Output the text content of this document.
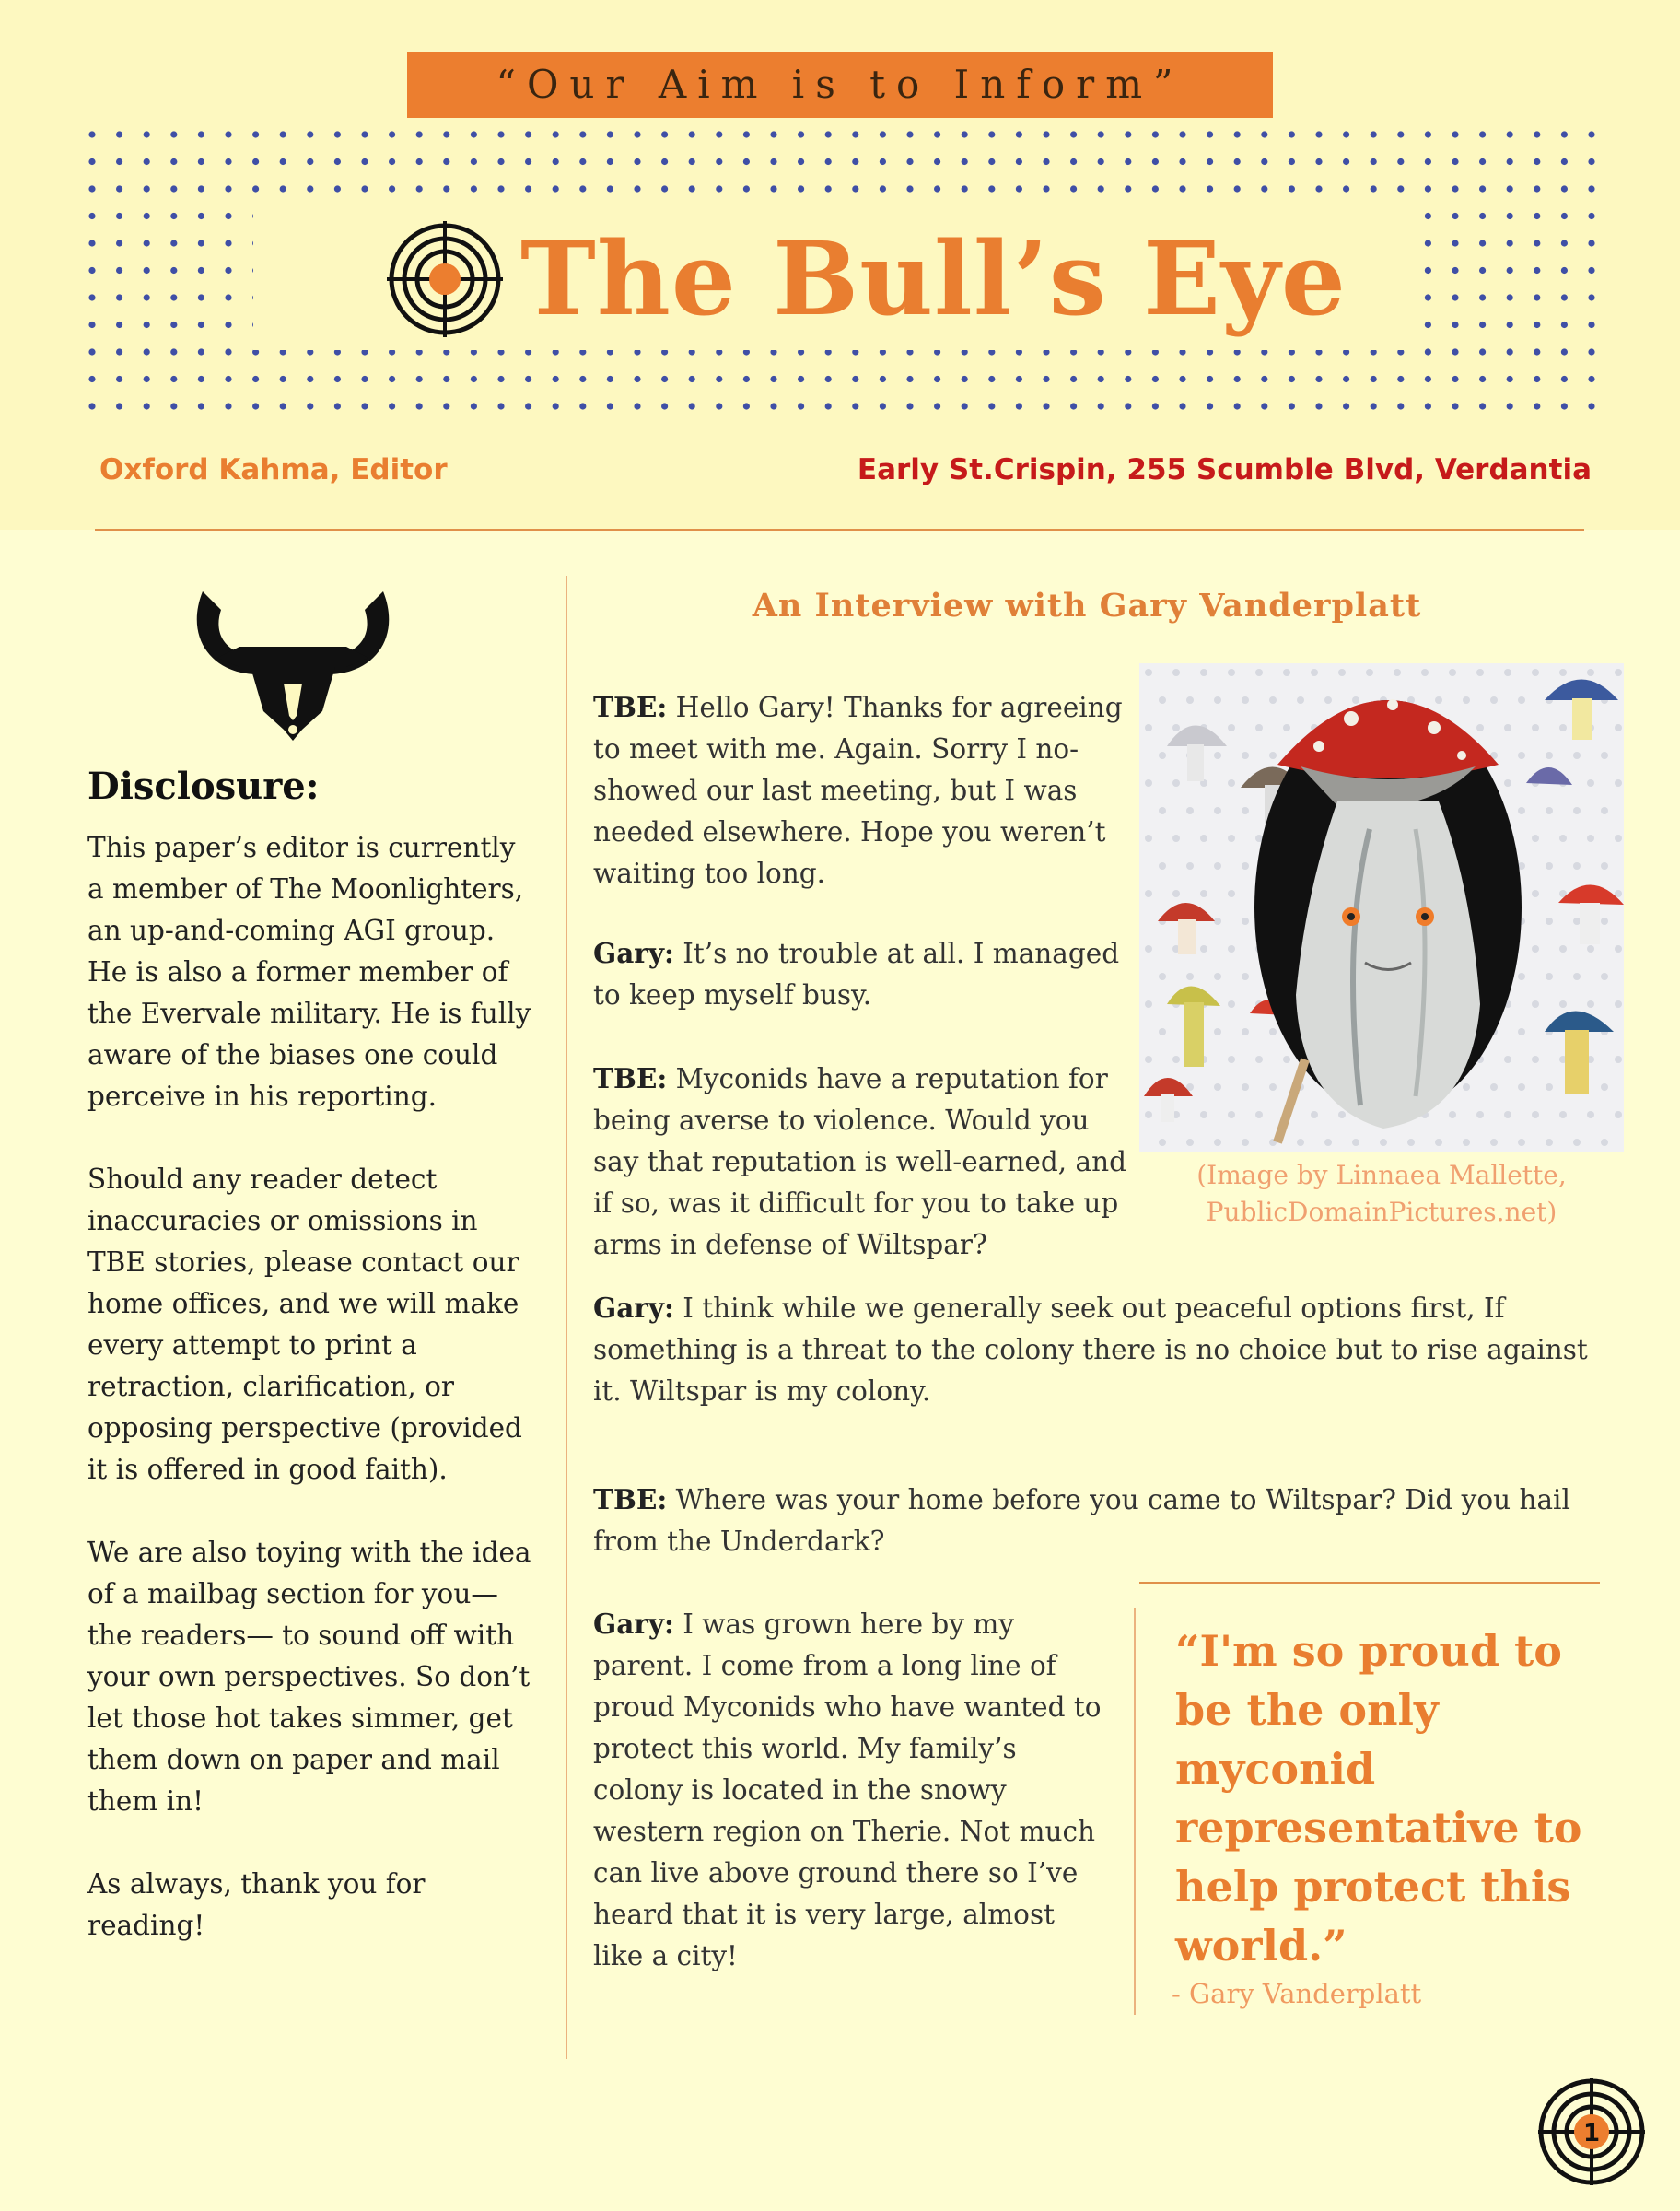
“Our Aim is to Inform”
The Bull’s Eye
Oxford Kahma, Editor	Early St.Crispin, 255 Scumble Blvd, Verdantia
Disclosure:

This paper’s editor is currently a member of The Moonlighters, an up-and-coming AGI group. He is also a former member of the Evervale military. He is fully aware of the biases one could perceive in his reporting.

Should any reader detect inaccuracies or omissions in TBE stories, please contact our home offices, and we will make every attempt to print a retraction, clarification, or opposing perspective (provided it is offered in good faith).

We are also toying with the idea of a mailbag section for you—the readers— to sound off with your own perspectives. So don’t let those hot takes simmer, get them down on paper and mail them in!

As always, thank you for reading!

An Interview with Gary Vanderplatt
(Image by Linnaea Mallette, PublicDomainPictures.net)
TBE: Hello Gary! Thanks for agreeing to meet with me. Again. Sorry I no-showed our last meeting, but I was needed elsewhere. Hope you weren’t waiting too long.
Gary: It’s no trouble at all. I managed to keep myself busy.
TBE: Myconids have a reputation for being averse to violence. Would you say that reputation is well-earned, and if so, was it difficult for you to take up arms in defense of Wiltspar?
Gary: I think while we generally seek out peaceful options first, If something is a threat to the colony there is no choice but to rise against it. Wiltspar is my colony.
TBE: Where was your home before you came to Wiltspar? Did you hail from the Underdark?
Gary: I was grown here by my parent. I come from a long line of proud Myconids who have wanted to protect this world. My family’s colony is located in the snowy western region on Therie. Not much can live above ground there so I’ve heard that it is very large, almost like a city!
“I'm so proud to be the only myconid representative to help protect this world.”
- Gary Vanderplatt
1
